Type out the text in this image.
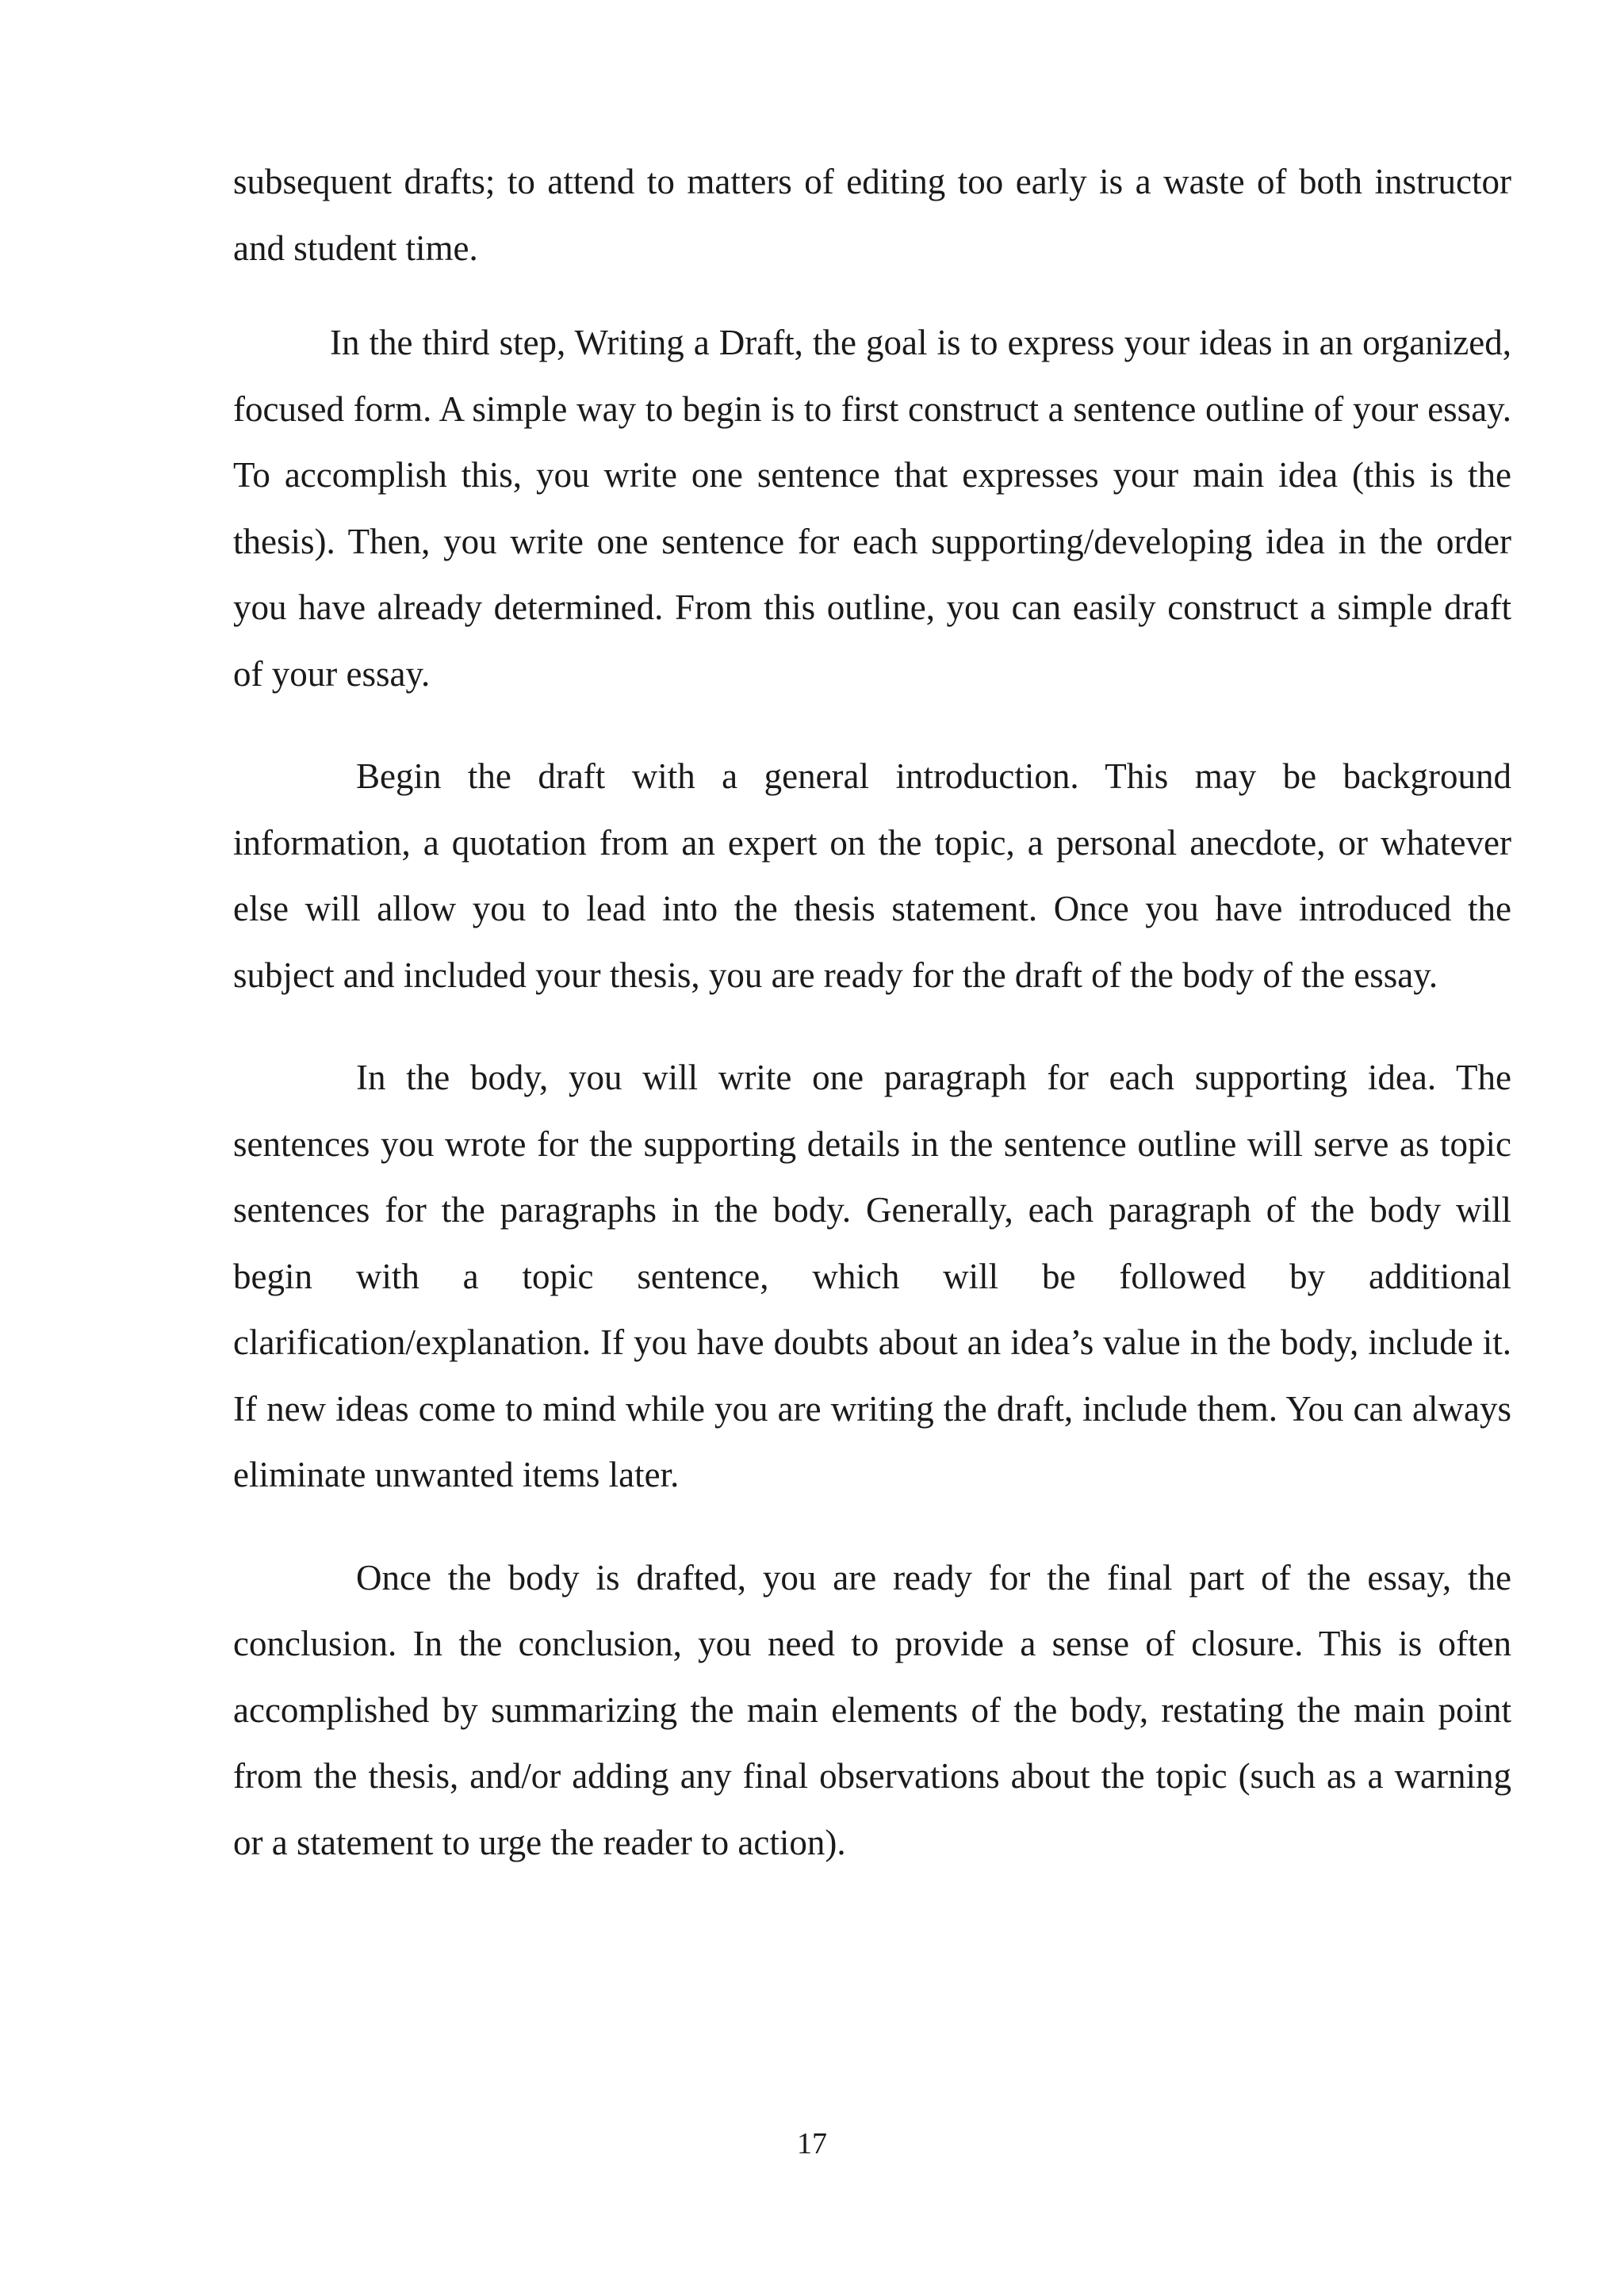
subsequent drafts; to attend to matters of editing too early is a waste of both instructor and student time.

In the third step, Writing a Draft, the goal is to express your ideas in an organized, focused form. A simple way to begin is to first construct a sentence outline of your essay. To accomplish this, you write one sentence that expresses your main idea (this is the thesis). Then, you write one sentence for each supporting/developing idea in the order you have already determined. From this outline, you can easily construct a simple draft of your essay.

Begin the draft with a general introduction. This may be background information, a quotation from an expert on the topic, a personal anecdote, or whatever else will allow you to lead into the thesis statement. Once you have introduced the subject and included your thesis, you are ready for the draft of the body of the essay.

In the body, you will write one paragraph for each supporting idea. The sentences you wrote for the supporting details in the sentence outline will serve as topic sentences for the paragraphs in the body. Generally, each paragraph of the body will begin with a topic sentence, which will be followed by additional clarification/explanation. If you have doubts about an idea’s value in the body, include it. If new ideas come to mind while you are writing the draft, include them. You can always eliminate unwanted items later.

Once the body is drafted, you are ready for the final part of the essay, the conclusion. In the conclusion, you need to provide a sense of closure. This is often accomplished by summarizing the main elements of the body, restating the main point from the thesis, and/or adding any final observations about the topic (such as a warning or a statement to urge the reader to action).

17
